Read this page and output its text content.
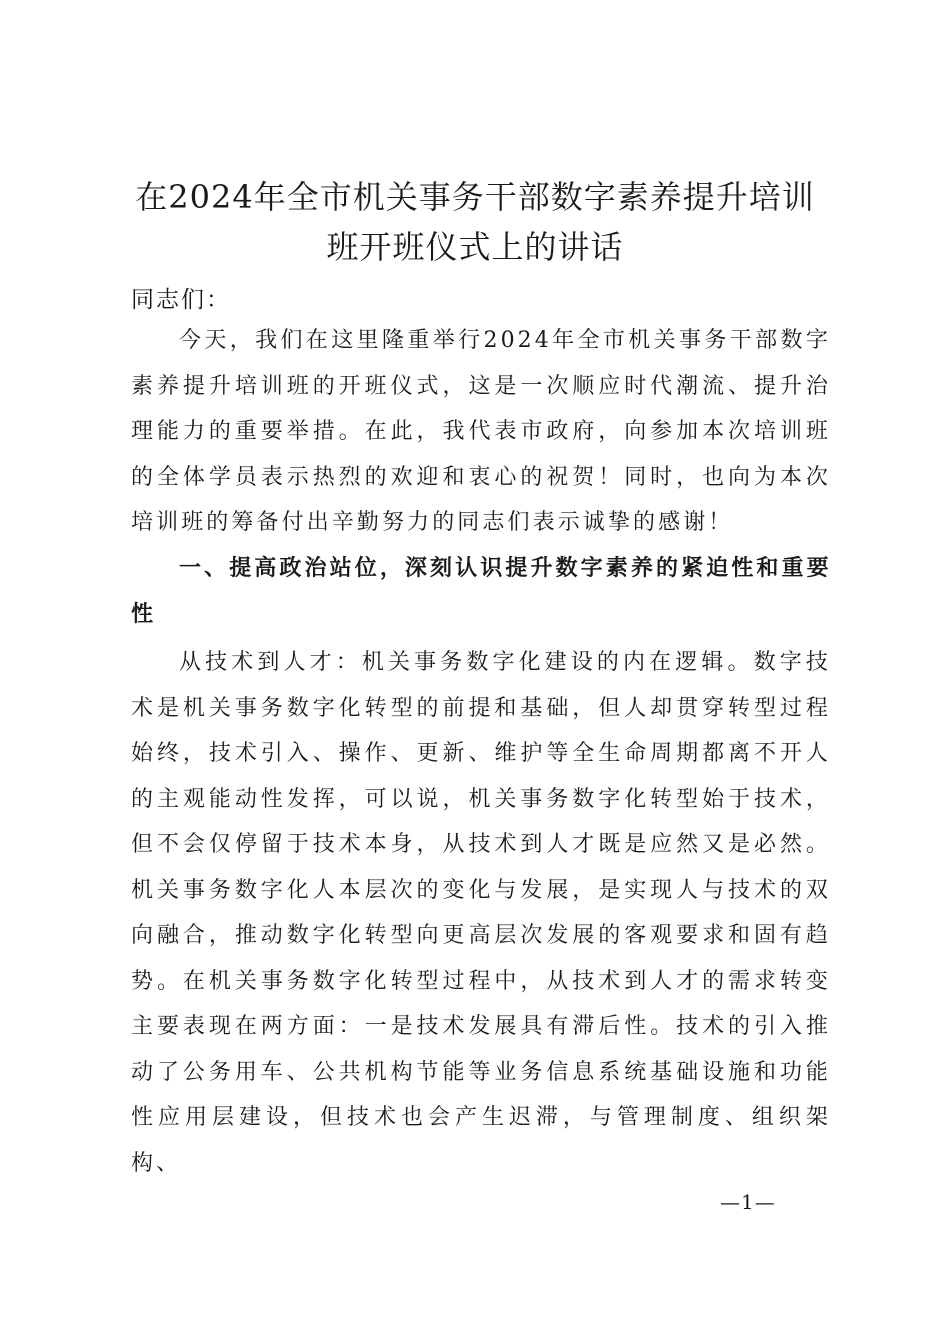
在2024年全市机关事务干部数字素养提升培训班开班仪式上的讲话
同志们：

今天，我们在这里隆重举行2024年全市机关事务干部数字素养提升培训班的开班仪式，这是一次顺应时代潮流、提升治理能力的重要举措。在此，我代表市政府，向参加本次培训班的全体学员表示热烈的欢迎和衷心的祝贺！同时，也向为本次培训班的筹备付出辛勤努力的同志们表示诚挚的感谢！

一、提高政治站位，深刻认识提升数字素养的紧迫性和重要性

从技术到人才：机关事务数字化建设的内在逻辑。数字技术是机关事务数字化转型的前提和基础，但人却贯穿转型过程始终，技术引入、操作、更新、维护等全生命周期都离不开人的主观能动性发挥，可以说，机关事务数字化转型始于技术，但不会仅停留于技术本身，从技术到人才既是应然又是必然。机关事务数字化人本层次的变化与发展，是实现人与技术的双向融合，推动数字化转型向更高层次发展的客观要求和固有趋势。在机关事务数字化转型过程中，从技术到人才的需求转变主要表现在两方面：一是技术发展具有滞后性。技术的引入推动了公务用车、公共机构节能等业务信息系统基础设施和功能性应用层建设，但技术也会产生迟滞，与管理制度、组织架构、

—1—
